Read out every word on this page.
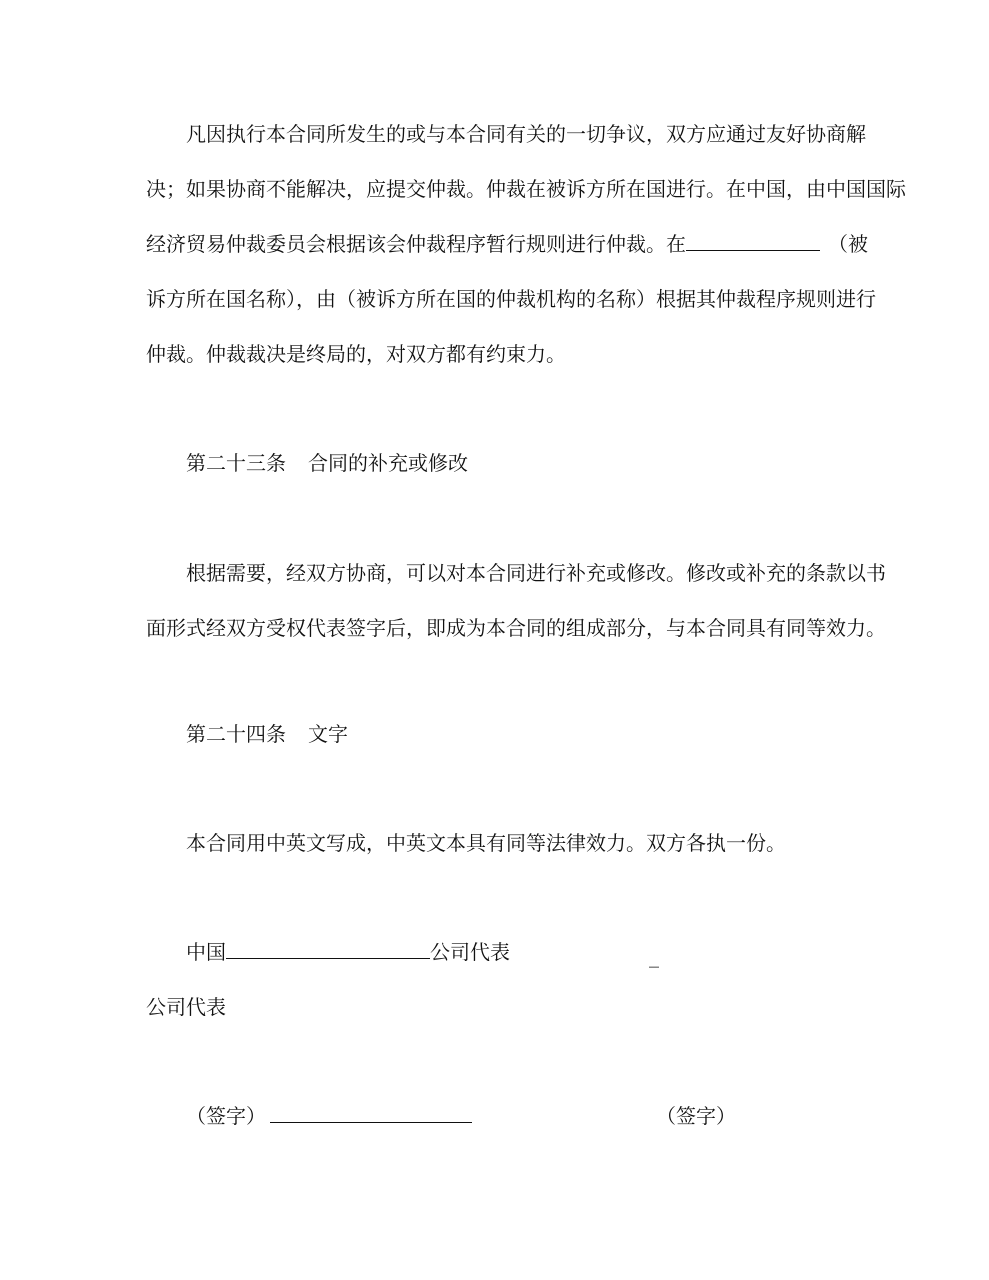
凡因执行本合同所发生的或与本合同有关的一切争议，双方应通过友好协商解
决；如果协商不能解决，应提交仲裁。仲裁在被诉方所在国进行。在中国，由中国国际
经济贸易仲裁委员会根据该会仲裁程序暂行规则进行仲裁。在	（被
诉方所在国名称），由（被诉方所在国的仲裁机构的名称）根据其仲裁程序规则进行
仲裁。仲裁裁决是终局的，对双方都有约束力。
第二十三条 合同的补充或修改
根据需要，经双方协商，可以对本合同进行补充或修改。修改或补充的条款以书
面形式经双方受权代表签字后，即成为本合同的组成部分，与本合同具有同等效力。
第二十四条 文字
本合同用中英文写成，中英文本具有同等法律效力。双方各执一份。
中国	公司代表	_
公司代表
（签字）	（签字）
